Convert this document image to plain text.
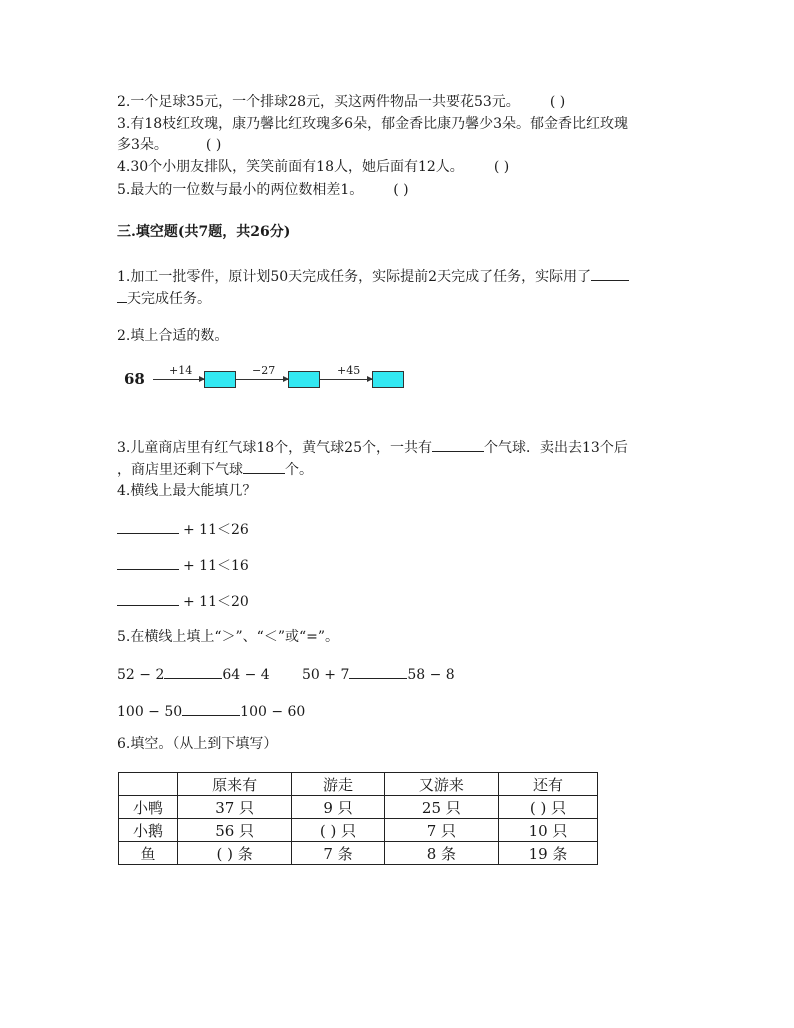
2.一个足球35元，一个排球28元，买这两件物品一共要花53元。 ( )
3.有18枝红玫瑰，康乃馨比红玫瑰多6朵，郁金香比康乃馨少3朵。郁金香比红玫瑰
多3朵。	( )
4.30个小朋友排队，笑笑前面有18人，她后面有12人。 ( )
5.最大的一位数与最小的两位数相差1。 ( )
三.填空题(共7题，共26分)
1.加工一批零件，原计划50天完成任务，实际提前2天完成了任务，实际用了
天完成任务。
2.填上合适的数。
68 +14	−27	+45
3.儿童商店里有红气球18个，黄气球25个，一共有	个气球．卖出去13个后
，商店里还剩下气球	个。
4.横线上最大能填几？
+ 11＜26
+ 11＜16
+ 11＜20
5.在横线上填上“＞”、“＜”或“=”。
52 − 2	64 − 4 50 + 7	58 − 8
100 − 50	100 − 60
6.填空。（从上到下填写）
	原来有	游走	又游来	还有
小鸭	37 只	9 只	25 只	( ) 只
小鹅	56 只	( ) 只	7 只	10 只
鱼	( ) 条	7 条	8 条	19 条
